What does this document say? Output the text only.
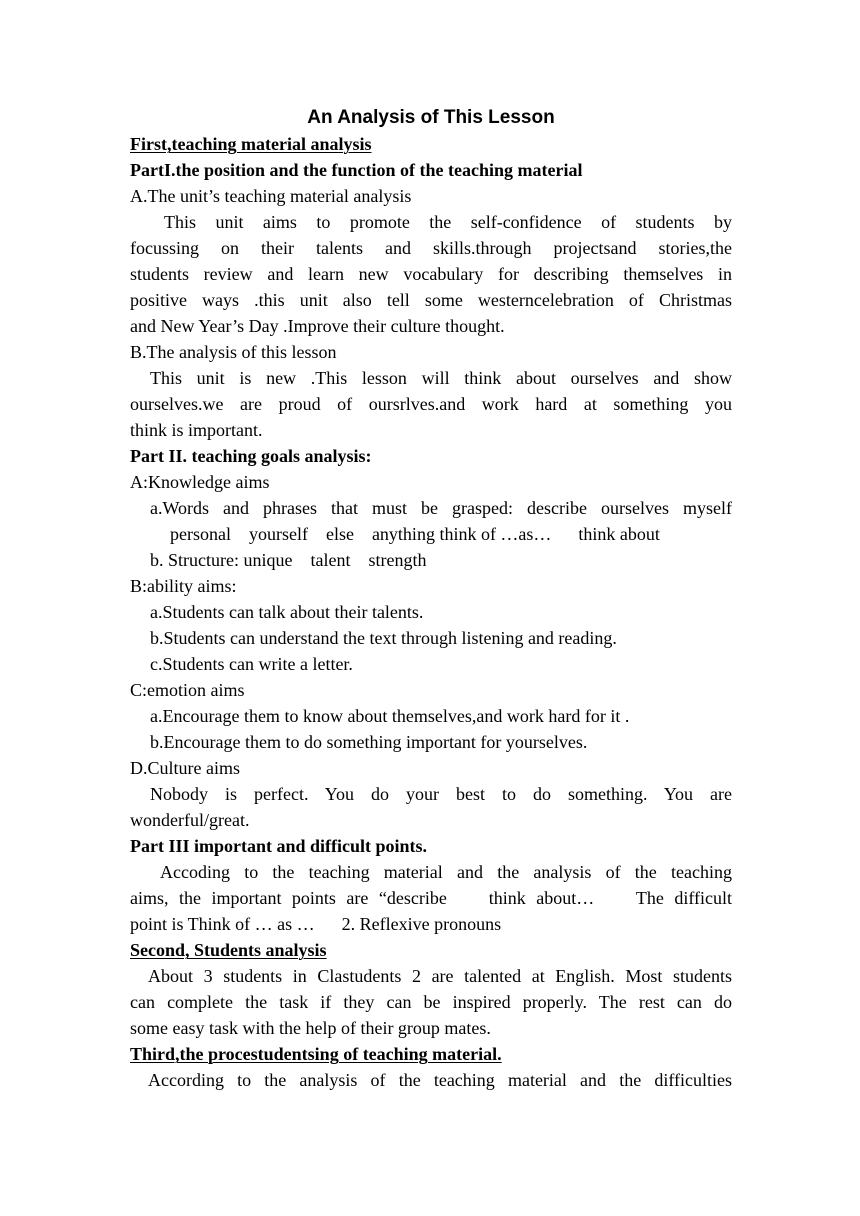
An Analysis of This Lesson
First,teaching material analysis
PartI.the position and the function of the teaching material
A.The unit’s teaching material analysis
This unit aims to promote the self-confidence of students by
focussing on their talents and skills.through projectsand stories,the
students review and learn new vocabulary for describing themselves in
positive ways .this unit also tell some westerncelebration of Christmas
and New Year’s Day .Improve their culture thought.
B.The analysis of this lesson
This unit is new .This lesson will think about ourselves and show
ourselves.we are proud of oursrlves.and work hard at something you
think is important.
Part II. teaching goals analysis:
A:Knowledge aims
a.Words and phrases that must be grasped: describe ourselves myself
personal    yourself    else    anything think of …as…      think about
b. Structure: unique    talent    strength
B:ability aims:
a.Students can talk about their talents.
b.Students can understand the text through listening and reading.
c.Students can write a letter.
C:emotion aims
a.Encourage them to know about themselves,and work hard for it .
b.Encourage them to do something important for yourselves.
D.Culture aims
Nobody is perfect. You do your best to do something. You are
wonderful/great.
Part III important and difficult points.
Accoding to the teaching material and the analysis of the teaching
aims, the important points are “describe    think about…    The difficult
point is Think of … as …      2. Reflexive pronouns
Second, Students analysis
About 3 students in Clastudents 2 are talented at English. Most students
can complete the task if they can be inspired properly. The rest can do
some easy task with the help of their group mates.
Third,the procestudentsing of teaching material.
According to the analysis of the teaching material and the difficulties
